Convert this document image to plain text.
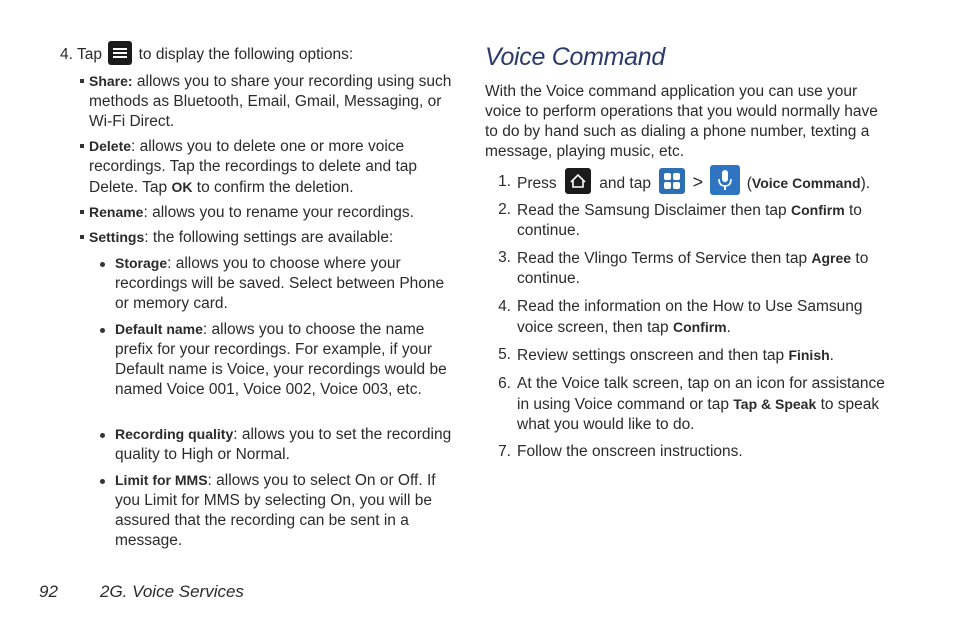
4. Tap to display the following options:
Share: allows you to share your recording using such methods as Bluetooth, Email, Gmail, Messaging, or Wi-Fi Direct.
Delete: allows you to delete one or more voice recordings. Tap the recordings to delete and tap Delete. Tap OK to confirm the deletion.
Rename: allows you to rename your recordings.
Settings: the following settings are available:
Storage: allows you to choose where your recordings will be saved. Select between Phone or memory card.
Default name: allows you to choose the name prefix for your recordings. For example, if your Default name is Voice, your recordings would be named Voice 001, Voice 002, Voice 003, etc.
Recording quality: allows you to set the recording quality to High or Normal.
Limit for MMS: allows you to select On or Off. If you Limit for MMS by selecting On, you will be assured that the recording can be sent in a message.
Voice Command
With the Voice command application you can use your voice to perform operations that you would normally have to do by hand such as dialing a phone number, texting a message, playing music, etc.
1. Press	and tap >	(Voice Command).
2. Read the Samsung Disclaimer then tap Confirm to continue.
3. Read the Vlingo Terms of Service then tap Agree to continue.
4. Read the information on the How to Use Samsung voice screen, then tap Confirm.
5. Review settings onscreen and then tap Finish.
6. At the Voice talk screen, tap on an icon for assistance in using Voice command or tap Tap & Speak to speak what you would like to do.
7. Follow the onscreen instructions.
92 2G. Voice Services
